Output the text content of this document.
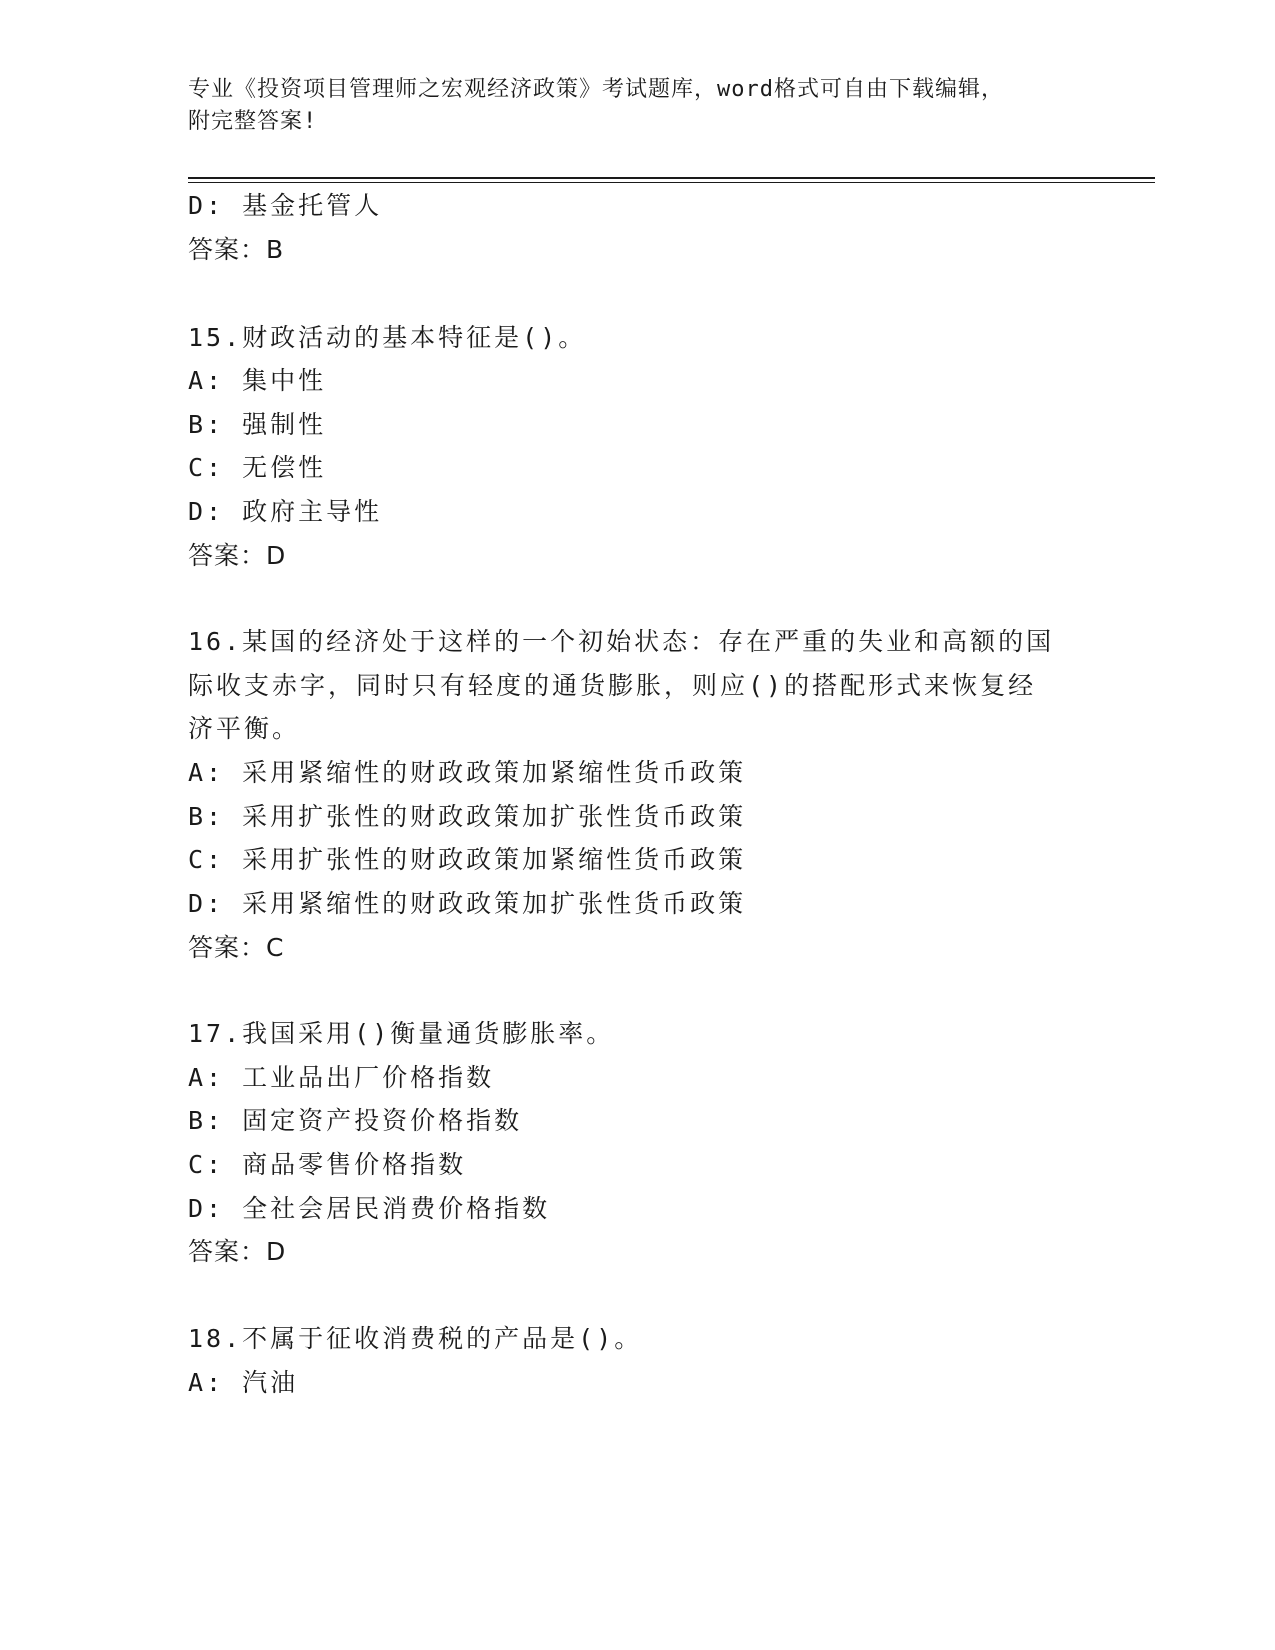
专业《投资项目管理师之宏观经济政策》考试题库，word格式可自由下载编辑，
附完整答案!
D: 基金托管人
答案：B
15.财政活动的基本特征是()。
A: 集中性
B: 强制性
C: 无偿性
D: 政府主导性
答案：D
16.某国的经济处于这样的一个初始状态：存在严重的失业和高额的国
际收支赤字，同时只有轻度的通货膨胀，则应()的搭配形式来恢复经
济平衡。
A: 采用紧缩性的财政政策加紧缩性货币政策
B: 采用扩张性的财政政策加扩张性货币政策
C: 采用扩张性的财政政策加紧缩性货币政策
D: 采用紧缩性的财政政策加扩张性货币政策
答案：C
17.我国采用()衡量通货膨胀率。
A: 工业品出厂价格指数
B: 固定资产投资价格指数
C: 商品零售价格指数
D: 全社会居民消费价格指数
答案：D
18.不属于征收消费税的产品是()。
A: 汽油
